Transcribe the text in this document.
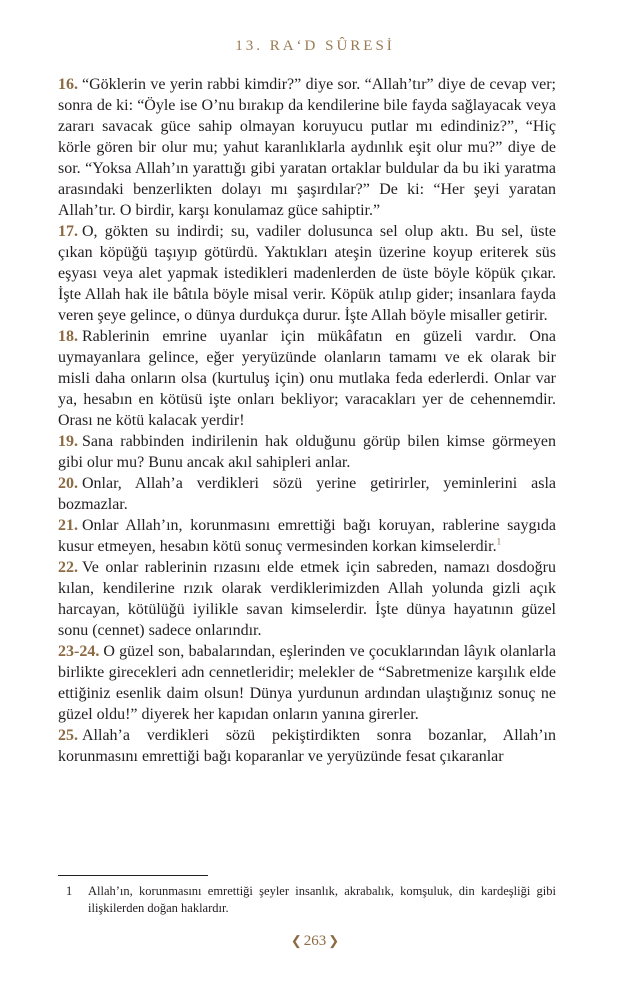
13. RA‘D SÛRESİ

16. “Göklerin ve yerin rabbi kimdir?” diye sor. “Allah’tır” diye de cevap ver; sonra de ki: “Öyle ise O’nu bırakıp da kendilerine bile fayda sağlayacak veya zararı savacak güce sahip olmayan koruyucu putlar mı edindiniz?”, “Hiç körle gören bir olur mu; yahut karanlıklarla aydınlık eşit olur mu?” diye de sor. “Yoksa Allah’ın yarattığı gibi yaratan ortaklar buldular da bu iki yaratma arasındaki benzerlikten dolayı mı şaşırdılar?” De ki: “Her şeyi yaratan Allah’tır. O birdir, karşı konulamaz güce sahiptir.”

17. O, gökten su indirdi; su, vadiler dolusunca sel olup aktı. Bu sel, üste çıkan köpüğü taşıyıp götürdü. Yaktıkları ateşin üzerine koyup eriterek süs eşyası veya alet yapmak istedikleri madenlerden de üste böyle köpük çıkar. İşte Allah hak ile bâtıla böyle misal verir. Köpük atılıp gider; insanlara fayda veren şeye gelince, o dünya durdukça durur. İşte Allah böyle misaller getirir.

18. Rablerinin emrine uyanlar için mükâfatın en güzeli vardır. Ona uymayanlara gelince, eğer yeryüzünde olanların tamamı ve ek olarak bir misli daha onların olsa (kurtuluş için) onu mutlaka feda ederlerdi. Onlar var ya, hesabın en kötüsü işte onları bekliyor; varacakları yer de cehennemdir. Orası ne kötü kalacak yerdir!

19. Sana rabbinden indirilenin hak olduğunu görüp bilen kimse görmeyen gibi olur mu? Bunu ancak akıl sahipleri anlar.

20. Onlar, Allah’a verdikleri sözü yerine getirirler, yeminlerini asla bozmazlar.

21. Onlar Allah’ın, korunmasını emrettiği bağı koruyan, rablerine saygıda kusur etmeyen, hesabın kötü sonuç vermesinden korkan kimselerdir.$^1$

22. Ve onlar rablerinin rızasını elde etmek için sabreden, namazı dosdoğru kılan, kendilerine rızık olarak verdiklerimizden Allah yolunda gizli açık harcayan, kötülüğü iyilikle savan kimselerdir. İşte dünya hayatının güzel sonu (cennet) sadece onlarındır.

23-24. O güzel son, babalarından, eşlerinden ve çocuklarından lâyık olanlarla birlikte girecekleri adn cennetleridir; melekler de “Sabretmenize karşılık elde ettiğiniz esenlik daim olsun! Dünya yurdunun ardından ulaştığınız sonuç ne güzel oldu!” diyerek her kapıdan onların yanına girerler.

25. Allah’a verdikleri sözü pekiştirdikten sonra bozanlar, Allah’ın korunmasını emrettiği bağı koparanlar ve yeryüzünde fesat çıkaranlar

1 Allah’ın, korunmasını emrettiği şeyler insanlık, akrabalık, komşuluk, din kardeşliği gibi ilişkilerden doğan haklardır.
❮ 263 ❯
